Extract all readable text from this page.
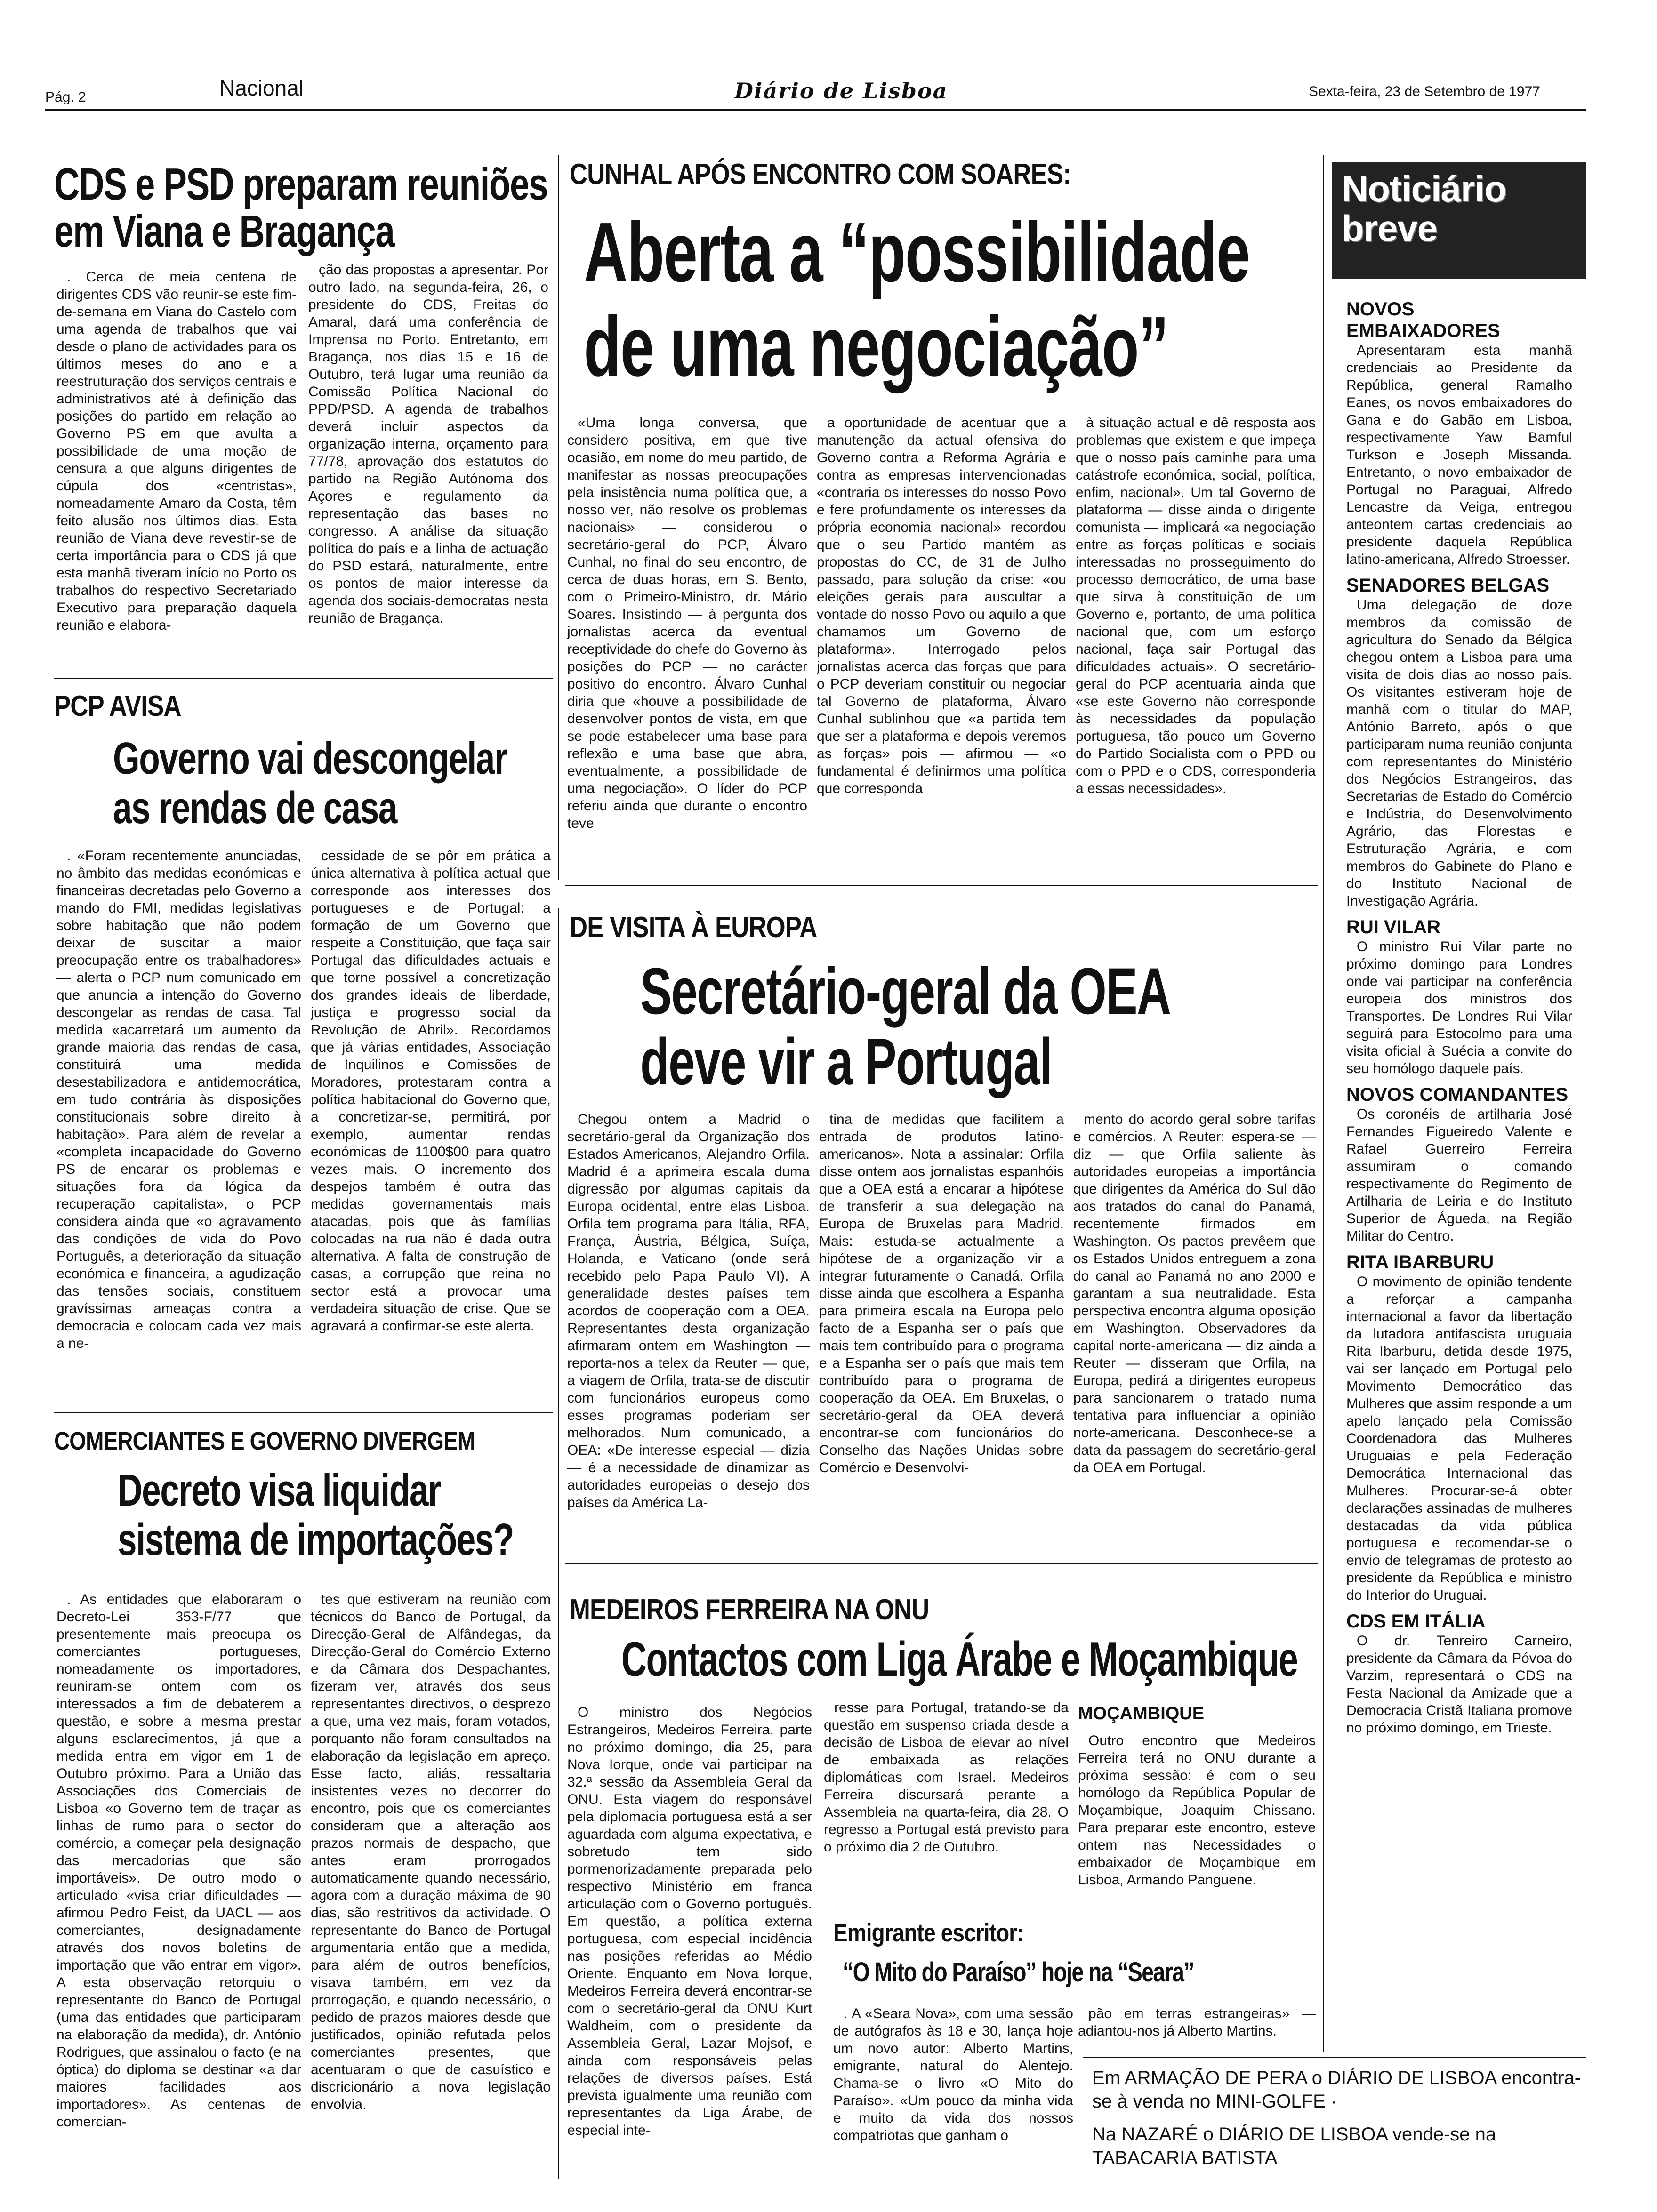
Pág. 2	Nacional	Diário de Lisboa	Sexta-feira, 23 de Setembro de 1977
CDS e PSD preparam reuniões
em Viana e Bragança
. Cerca de meia centena de dirigentes CDS vão reunir-se este fim-de-semana em Viana do Castelo com uma agenda de trabalhos que vai desde o plano de actividades para os últimos meses do ano e a reestruturação dos serviços centrais e administrativos até à definição das posições do partido em relação ao Governo PS em que avulta a possibilidade de uma moção de censura a que alguns dirigentes de cúpula dos «centristas», nomeadamente Amaro da Costa, têm feito alusão nos últimos dias. Esta reunião de Viana deve revestir-se de certa importância para o CDS já que esta manhã tiveram início no Porto os trabalhos do respectivo Secretariado Executivo para preparação daquela reunião e elabora-
ção das propostas a apresentar. Por outro lado, na segunda-feira, 26, o presidente do CDS, Freitas do Amaral, dará uma conferência de Imprensa no Porto. Entretanto, em Bragança, nos dias 15 e 16 de Outubro, terá lugar uma reunião da Comissão Política Nacional do PPD/PSD. A agenda de trabalhos deverá incluir aspectos da organização interna, orçamento para 77/78, aprovação dos estatutos do partido na Região Autónoma dos Açores e regulamento da representação das bases no congresso. A análise da situação política do país e a linha de actuação do PSD estará, naturalmente, entre os pontos de maior interesse da agenda dos sociais-democratas nesta reunião de Bragança.
CUNHAL APÓS ENCONTRO COM SOARES:
Aberta a “possibilidade
de uma negociação”
«Uma longa conversa, que considero positiva, em que tive ocasião, em nome do meu partido, de manifestar as nossas preocupações pela insistência numa política que, a nosso ver, não resolve os problemas nacionais» — considerou o secretário-geral do PCP, Álvaro Cunhal, no final do seu encontro, de cerca de duas horas, em S. Bento, com o Primeiro-Ministro, dr. Mário Soares. Insistindo — à pergunta dos jornalistas acerca da eventual receptividade do chefe do Governo às posições do PCP — no carácter positivo do encontro. Álvaro Cunhal diria que «houve a possibilidade de desenvolver pontos de vista, em que se pode estabelecer uma base para reflexão e uma base que abra, eventualmente, a possibilidade de uma negociação». O líder do PCP referiu ainda que durante o encontro teve
a oportunidade de acentuar que a manutenção da actual ofensiva do Governo contra a Reforma Agrária e contra as empresas intervencionadas «contraria os interesses do nosso Povo e fere profundamente os interesses da própria economia nacional» recordou que o seu Partido mantém as propostas do CC, de 31 de Julho passado, para solução da crise: «ou eleições gerais para auscultar a vontade do nosso Povo ou aquilo a que chamamos um Governo de plataforma». Interrogado pelos jornalistas acerca das forças que para o PCP deveriam constituir ou negociar tal Governo de plataforma, Álvaro Cunhal sublinhou que «a partida tem que ser a plataforma e depois veremos as forças» pois — afirmou — «o fundamental é definirmos uma política que corresponda
à situação actual e dê resposta aos problemas que existem e que impeça que o nosso país caminhe para uma catástrofe económica, social, política, enfim, nacional». Um tal Governo de plataforma — disse ainda o dirigente comunista — implicará «a negociação entre as forças políticas e sociais interessadas no prosseguimento do processo democrático, de uma base que sirva à constituição de um Governo e, portanto, de uma política nacional que, com um esforço nacional, faça sair Portugal das dificuldades actuais». O secretário-geral do PCP acentuaria ainda que «se este Governo não corresponde às necessidades da população portuguesa, tão pouco um Governo do Partido Socialista com o PPD ou com o PPD e o CDS, corresponderia a essas necessidades».
Noticiário
breve
NOVOS EMBAIXADORES
Apresentaram esta manhã credenciais ao Presidente da República, general Ramalho Eanes, os novos embaixadores do Gana e do Gabão em Lisboa, respectivamente Yaw Bamful Turkson e Joseph Missanda. Entretanto, o novo embaixador de Portugal no Paraguai, Alfredo Lencastre da Veiga, entregou anteontem cartas credenciais ao presidente daquela República latino-americana, Alfredo Stroesser.
SENADORES BELGAS
Uma delegação de doze membros da comissão de agricultura do Senado da Bélgica chegou ontem a Lisboa para uma visita de dois dias ao nosso país. Os visitantes estiveram hoje de manhã com o titular do MAP, António Barreto, após o que participaram numa reunião conjunta com representantes do Ministério dos Negócios Estrangeiros, das Secretarias de Estado do Comércio e Indústria, do Desenvolvimento Agrário, das Florestas e Estruturação Agrária, e com membros do Gabinete do Plano e do Instituto Nacional de Investigação Agrária.
RUI VILAR
O ministro Rui Vilar parte no próximo domingo para Londres onde vai participar na conferência europeia dos ministros dos Transportes. De Londres Rui Vilar seguirá para Estocolmo para uma visita oficial à Suécia a convite do seu homólogo daquele país.
NOVOS COMANDANTES
Os coronéis de artilharia José Fernandes Figueiredo Valente e Rafael Guerreiro Ferreira assumiram o comando respectivamente do Regimento de Artilharia de Leiria e do Instituto Superior de Águeda, na Região Militar do Centro.
RITA IBARBURU
O movimento de opinião tendente a reforçar a campanha internacional a favor da libertação da lutadora antifascista uruguaia Rita Ibarburu, detida desde 1975, vai ser lançado em Portugal pelo Movimento Democrático das Mulheres que assim responde a um apelo lançado pela Comissão Coordenadora das Mulheres Uruguaias e pela Federação Democrática Internacional das Mulheres. Procurar-se-á obter declarações assinadas de mulheres destacadas da vida pública portuguesa e recomendar-se o envio de telegramas de protesto ao presidente da República e ministro do Interior do Uruguai.
CDS EM ITÁLIA
O dr. Tenreiro Carneiro, presidente da Câmara da Póvoa do Varzim, representará o CDS na Festa Nacional da Amizade que a Democracia Cristã Italiana promove no próximo domingo, em Trieste.
PCP AVISA
Governo vai descongelar
as rendas de casa
. «Foram recentemente anunciadas, no âmbito das medidas económicas e financeiras decretadas pelo Governo a mando do FMI, medidas legislativas sobre habitação que não podem deixar de suscitar a maior preocupação entre os trabalhadores» — alerta o PCP num comunicado em que anuncia a intenção do Governo descongelar as rendas de casa. Tal medida «acarretará um aumento da grande maioria das rendas de casa, constituirá uma medida desestabilizadora e antidemocrática, em tudo contrária às disposições constitucionais sobre direito à habitação». Para além de revelar a «completa incapacidade do Governo PS de encarar os problemas e situações fora da lógica da recuperação capitalista», o PCP considera ainda que «o agravamento das condições de vida do Povo Português, a deterioração da situação económica e financeira, a agudização das tensões sociais, constituem gravíssimas ameaças contra a democracia e colocam cada vez mais a ne-
cessidade de se pôr em prática a única alternativa à política actual que corresponde aos interesses dos portugueses e de Portugal: a formação de um Governo que respeite a Constituição, que faça sair Portugal das dificuldades actuais e que torne possível a concretização dos grandes ideais de liberdade, justiça e progresso social da Revolução de Abril». Recordamos que já várias entidades, Associação de Inquilinos e Comissões de Moradores, protestaram contra a política habitacional do Governo que, a concretizar-se, permitirá, por exemplo, aumentar rendas económicas de 1100$00 para quatro vezes mais. O incremento dos despejos também é outra das medidas governamentais mais atacadas, pois que às famílias colocadas na rua não é dada outra alternativa. A falta de construção de casas, a corrupção que reina no sector está a provocar uma verdadeira situação de crise. Que se agravará a confirmar-se este alerta.
DE VISITA À EUROPA
Secretário-geral da OEA
deve vir a Portugal
Chegou ontem a Madrid o secretário-geral da Organização dos Estados Americanos, Alejandro Orfila. Madrid é a aprimeira escala duma digressão por algumas capitais da Europa ocidental, entre elas Lisboa. Orfila tem programa para Itália, RFA, França, Áustria, Bélgica, Suíça, Holanda, e Vaticano (onde será recebido pelo Papa Paulo VI). A generalidade destes países tem acordos de cooperação com a OEA. Representantes desta organização afirmaram ontem em Washington — reporta-nos a telex da Reuter — que, a viagem de Orfila, trata-se de discutir com funcionários europeus como esses programas poderiam ser melhorados. Num comunicado, a OEA: «De interesse especial — dizia — é a necessidade de dinamizar as autoridades europeias o desejo dos países da América La-
tina de medidas que facilitem a entrada de produtos latino-americanos». Nota a assinalar: Orfila disse ontem aos jornalistas espanhóis que a OEA está a encarar a hipótese de transferir a sua delegação na Europa de Bruxelas para Madrid. Mais: estuda-se actualmente a hipótese de a organização vir a integrar futuramente o Canadá. Orfila disse ainda que escolhera a Espanha para primeira escala na Europa pelo facto de a Espanha ser o país que mais tem contribuído para o programa e a Espanha ser o país que mais tem contribuído para o programa de cooperação da OEA. Em Bruxelas, o secretário-geral da OEA deverá encontrar-se com funcionários do Conselho das Nações Unidas sobre Comércio e Desenvolvi-
mento do acordo geral sobre tarifas e comércios. A Reuter: espera-se — diz — que Orfila saliente às autoridades europeias a importância que dirigentes da América do Sul dão aos tratados do canal do Panamá, recentemente firmados em Washington. Os pactos prevêem que os Estados Unidos entreguem a zona do canal ao Panamá no ano 2000 e garantam a sua neutralidade. Esta perspectiva encontra alguma oposição em Washington. Observadores da capital norte-americana — diz ainda a Reuter — disseram que Orfila, na Europa, pedirá a dirigentes europeus para sancionarem o tratado numa tentativa para influenciar a opinião norte-americana. Desconhece-se a data da passagem do secretário-geral da OEA em Portugal.
COMERCIANTES E GOVERNO DIVERGEM
Decreto visa liquidar
sistema de importações?
. As entidades que elaboraram o Decreto-Lei 353-F/77 que presentemente mais preocupa os comerciantes portugueses, nomeadamente os importadores, reuniram-se ontem com os interessados a fim de debaterem a questão, e sobre a mesma prestar alguns esclarecimentos, já que a medida entra em vigor em 1 de Outubro próximo. Para a União das Associações dos Comerciais de Lisboa «o Governo tem de traçar as linhas de rumo para o sector do comércio, a começar pela designação das mercadorias que são importáveis». De outro modo o articulado «visa criar dificuldades — afirmou Pedro Feist, da UACL — aos comerciantes, designadamente através dos novos boletins de importação que vão entrar em vigor». A esta observação retorquiu o representante do Banco de Portugal (uma das entidades que participaram na elaboração da medida), dr. António Rodrigues, que assinalou o facto (e na óptica) do diploma se destinar «a dar maiores facilidades aos importadores». As centenas de comercian-
tes que estiveram na reunião com técnicos do Banco de Portugal, da Direcção-Geral de Alfândegas, da Direcção-Geral do Comércio Externo e da Câmara dos Despachantes, fizeram ver, através dos seus representantes directivos, o desprezo a que, uma vez mais, foram votados, porquanto não foram consultados na elaboração da legislação em apreço. Esse facto, aliás, ressaltaria insistentes vezes no decorrer do encontro, pois que os comerciantes consideram que a alteração aos prazos normais de despacho, que antes eram prorrogados automaticamente quando necessário, agora com a duração máxima de 90 dias, são restritivos da actividade. O representante do Banco de Portugal argumentaria então que a medida, para além de outros benefícios, visava também, em vez da prorrogação, e quando necessário, o pedido de prazos maiores desde que justificados, opinião refutada pelos comerciantes presentes, que acentuaram o que de casuístico e discricionário a nova legislação envolvia.
MEDEIROS FERREIRA NA ONU
Contactos com Liga Árabe e Moçambique
O ministro dos Negócios Estrangeiros, Medeiros Ferreira, parte no próximo domingo, dia 25, para Nova Iorque, onde vai participar na 32.ª sessão da Assembleia Geral da ONU. Esta viagem do responsável pela diplomacia portuguesa está a ser aguardada com alguma expectativa, e sobretudo tem sido pormenorizadamente preparada pelo respectivo Ministério em franca articulação com o Governo português. Em questão, a política externa portuguesa, com especial incidência nas posições referidas ao Médio Oriente. Enquanto em Nova Iorque, Medeiros Ferreira deverá encontrar-se com o secretário-geral da ONU Kurt Waldheim, com o presidente da Assembleia Geral, Lazar Mojsof, e ainda com responsáveis pelas relações de diversos países. Está prevista igualmente uma reunião com representantes da Liga Árabe, de especial inte-
resse para Portugal, tratando-se da questão em suspenso criada desde a decisão de Lisboa de elevar ao nível de embaixada as relações diplomáticas com Israel. Medeiros Ferreira discursará perante a Assembleia na quarta-feira, dia 28. O regresso a Portugal está previsto para o próximo dia 2 de Outubro.
MOÇAMBIQUE
Outro encontro que Medeiros Ferreira terá no ONU durante a próxima sessão: é com o seu homólogo da República Popular de Moçambique, Joaquim Chissano. Para preparar este encontro, esteve ontem nas Necessidades o embaixador de Moçambique em Lisboa, Armando Panguene.
Emigrante escritor:
“O Mito do Paraíso” hoje na “Seara”
. A «Seara Nova», com uma sessão de autógrafos às 18 e 30, lança hoje um novo autor: Alberto Martins, emigrante, natural do Alentejo. Chama-se o livro «O Mito do Paraíso». «Um pouco da minha vida e muito da vida dos nossos compatriotas que ganham o
pão em terras estrangeiras» — adiantou-nos já Alberto Martins.
Em ARMAÇÃO DE PERA o DIÁRIO DE LISBOA encontra-se à venda no MINI-GOLFE ·
Na NAZARÉ o DIÁRIO DE LISBOA vende-se na TABACARIA BATISTA
